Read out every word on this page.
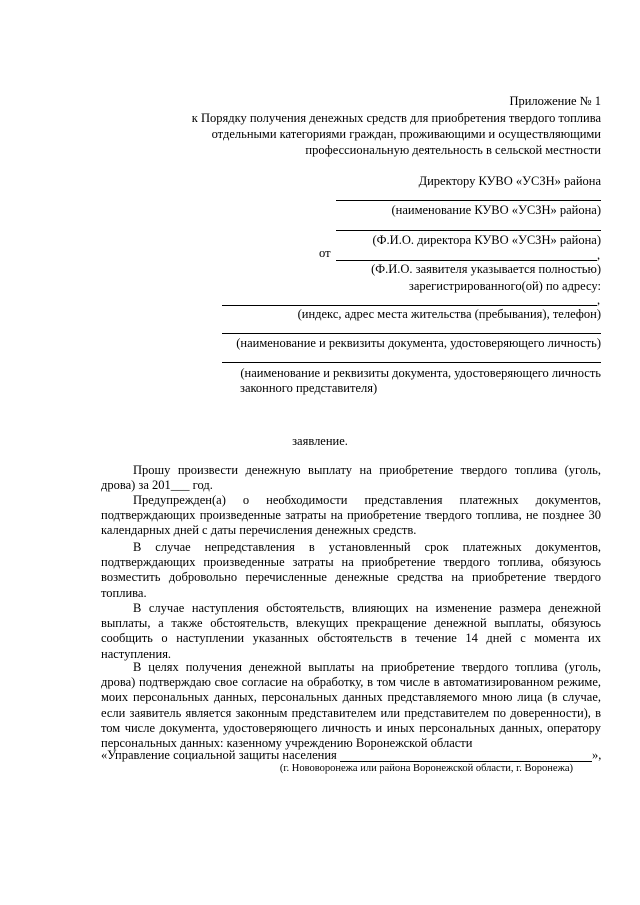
Приложение № 1
к Порядку получения денежных средств для приобретения твердого топлива
отдельными категориями граждан, проживающими и осуществляющими
профессиональную деятельность в сельской местности
Директору КУВО «УСЗН» района
(наименование КУВО «УСЗН» района)
(Ф.И.О. директора КУВО «УСЗН» района)
от	,
(Ф.И.О. заявителя указывается полностью)
зарегистрированного(ой) по адресу:
,
(индекс, адрес места жительства (пребывания), телефон)
(наименование и реквизиты документа, удостоверяющего личность)
(наименование и реквизиты документа, удостоверяющего личность
законного представителя)
заявление.
Прошу произвести денежную выплату на приобретение твердого топлива (уголь, дрова) за 201___ год.
Предупрежден(а) о необходимости представления платежных документов, подтверждающих произведенные затраты на приобретение твердого топлива, не позднее 30 календарных дней с даты перечисления денежных средств.
В случае непредставления в установленный срок платежных документов, подтверждающих произведенные затраты на приобретение твердого топлива, обязуюсь возместить добровольно перечисленные денежные средства на приобретение твердого топлива.
В случае наступления обстоятельств, влияющих на изменение размера денежной выплаты, а также обстоятельств, влекущих прекращение денежной выплаты, обязуюсь сообщить о наступлении указанных обстоятельств в течение 14 дней с момента их наступления.
В целях получения денежной выплаты на приобретение твердого топлива (уголь, дрова) подтверждаю свое согласие на обработку, в том числе в автоматизированном режиме, моих персональных данных, персональных данных представляемого мною лица (в случае, если заявитель является законным представителем или представителем по доверенности), в том числе документа, удостоверяющего личность и иных персональных данных, оператору персональных данных: казенному учреждению Воронежской области
«Управление социальной защиты населения	»,
(г. Нововоронежа или района Воронежской области, г. Воронежа)
